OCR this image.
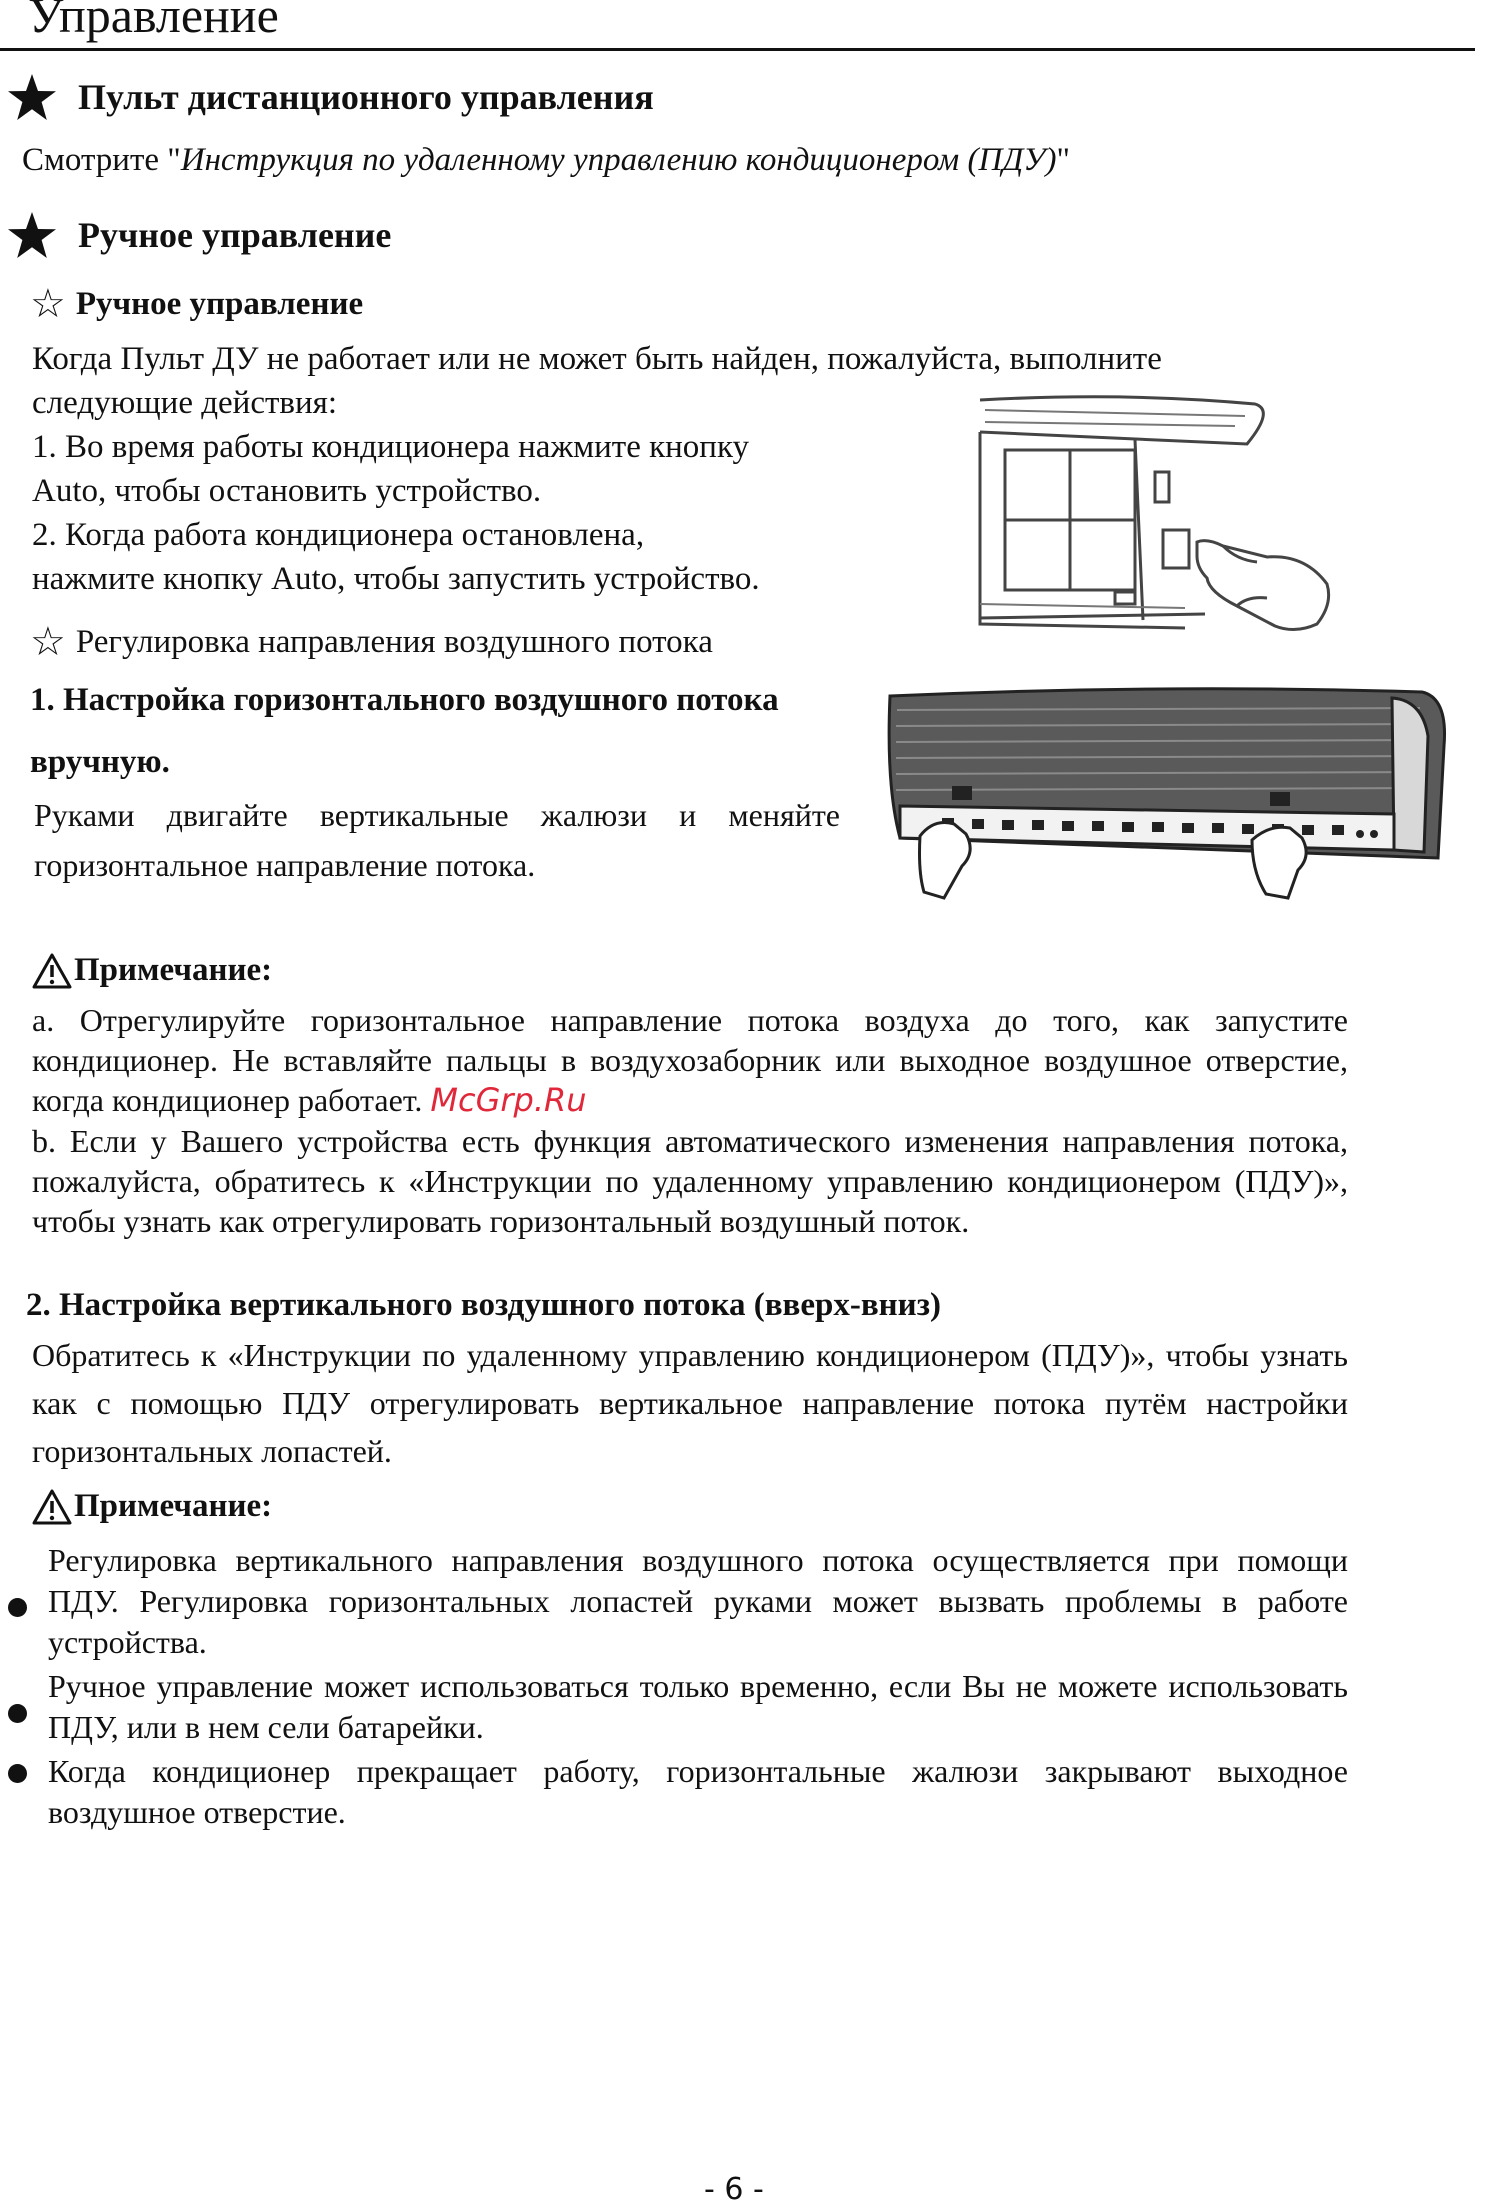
Управление
Пульт дистанционного управления
Смотрите "Инструкция по удаленному управлению кондиционером (ПДУ)"
Ручное управление
☆ Ручное управление
Когда Пульт ДУ не работает или не может быть найден, пожалуйста, выполните
следующие действия:
1. Во время работы кондиционера нажмите кнопку
Auto, чтобы остановить устройство.
2. Когда работа кондиционера остановлена,
нажмите кнопку Auto, чтобы запустить устройство.
☆ Регулировка направления воздушного потока
1. Настройка горизонтального воздушного потока
вручную.
Руками двигайте вертикальные жалюзи и меняйте горизонтальное направление потока.
Примечание:
a. Отрегулируйте горизонтальное направление потока воздуха до того, как запустите кондиционер. Не вставляйте пальцы в воздухозаборник или выходное воздушное отверстие, когда кондиционер работает. McGrp.Ru
b. Если у Вашего устройства есть функция автоматического изменения направления потока, пожалуйста, обратитесь к «Инструкции по удаленному управлению кондиционером (ПДУ)», чтобы узнать как отрегулировать горизонтальный воздушный поток.
2. Настройка вертикального воздушного потока (вверх-вниз)
Обратитесь к «Инструкции по удаленному управлению кондиционером (ПДУ)», чтобы узнать как с помощью ПДУ отрегулировать вертикальное направление потока путём настройки горизонтальных лопастей.
Примечание:
Регулировка вертикального направления воздушного потока осуществляется при помощи ПДУ. Регулировка горизонтальных лопастей руками может вызвать проблемы в работе устройства.
Ручное управление может использоваться только временно, если Вы не можете использовать ПДУ, или в нем сели батарейки.
Когда кондиционер прекращает работу, горизонтальные жалюзи закрывают выходное воздушное отверстие.
- 6 -
